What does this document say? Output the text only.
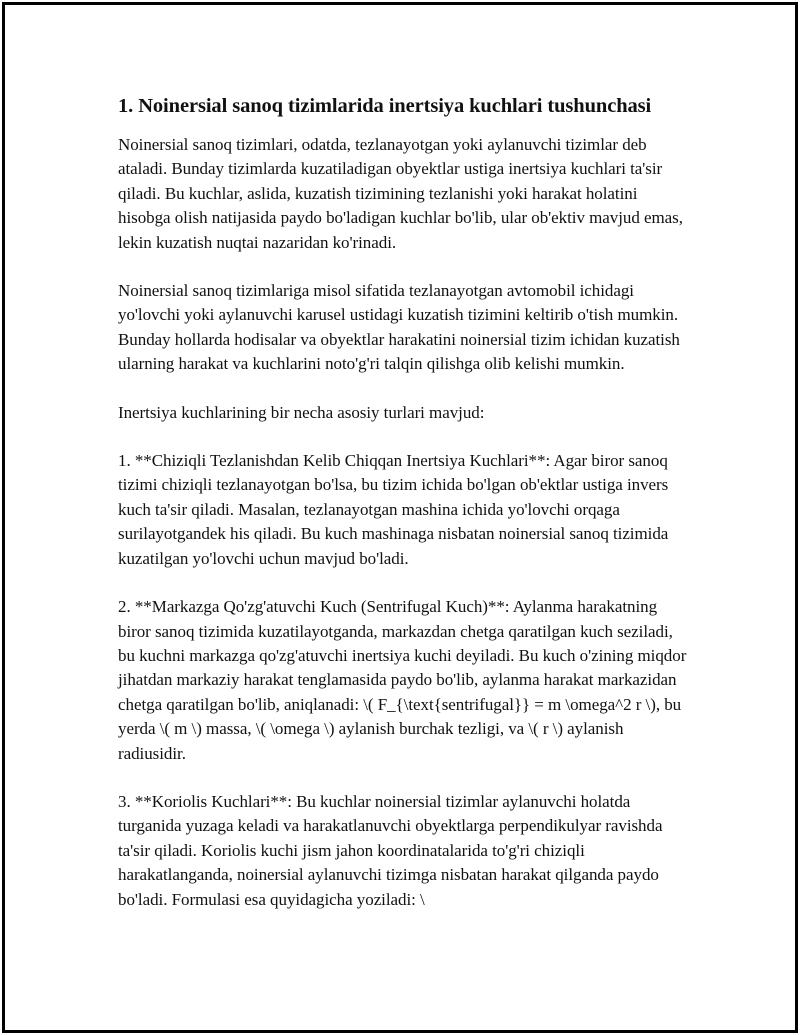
1. Noinersial sanoq tizimlarida inertsiya kuchlari tushunchasi

Noinersial sanoq tizimlari, odatda, tezlanayotgan yoki aylanuvchi tizimlar deb ataladi. Bunday tizimlarda kuzatiladigan obyektlar ustiga inertsiya kuchlari ta'sir qiladi. Bu kuchlar, aslida, kuzatish tizimining tezlanishi yoki harakat holatini hisobga olish natijasida paydo bo'ladigan kuchlar bo'lib, ular ob'ektiv mavjud emas, lekin kuzatish nuqtai nazaridan ko'rinadi.

Noinersial sanoq tizimlariga misol sifatida tezlanayotgan avtomobil ichidagi yo'lovchi yoki aylanuvchi karusel ustidagi kuzatish tizimini keltirib o'tish mumkin. Bunday hollarda hodisalar va obyektlar harakatini noinersial tizim ichidan kuzatish ularning harakat va kuchlarini noto'g'ri talqin qilishga olib kelishi mumkin.

Inertsiya kuchlarining bir necha asosiy turlari mavjud:

1. **Chiziqli Tezlanishdan Kelib Chiqqan Inertsiya Kuchlari**: Agar biror sanoq tizimi chiziqli tezlanayotgan bo'lsa, bu tizim ichida bo'lgan ob'ektlar ustiga invers kuch ta'sir qiladi. Masalan, tezlanayotgan mashina ichida yo'lovchi orqaga surilayotgandek his qiladi. Bu kuch mashinaga nisbatan noinersial sanoq tizimida kuzatilgan yo'lovchi uchun mavjud bo'ladi.

2. **Markazga Qo'zg'atuvchi Kuch (Sentrifugal Kuch)**: Aylanma harakatning biror sanoq tizimida kuzatilayotganda, markazdan chetga qaratilgan kuch seziladi, bu kuchni markazga qo'zg'atuvchi inertsiya kuchi deyiladi. Bu kuch o'zining miqdor jihatdan markaziy harakat tenglamasida paydo bo'lib, aylanma harakat markazidan chetga qaratilgan bo'lib, aniqlanadi: \( F_{\text{sentrifugal}} = m \omega^2 r \), bu yerda \( m \) massa, \( \omega \) aylanish burchak tezligi, va \( r \) aylanish radiusidir.

3. **Koriolis Kuchlari**: Bu kuchlar noinersial tizimlar aylanuvchi holatda turganida yuzaga keladi va harakatlanuvchi obyektlarga perpendikulyar ravishda ta'sir qiladi. Koriolis kuchi jism jahon koordinatalarida to'g'ri chiziqli harakatlanganda, noinersial aylanuvchi tizimga nisbatan harakat qilganda paydo bo'ladi. Formulasi esa quyidagicha yoziladi: \
